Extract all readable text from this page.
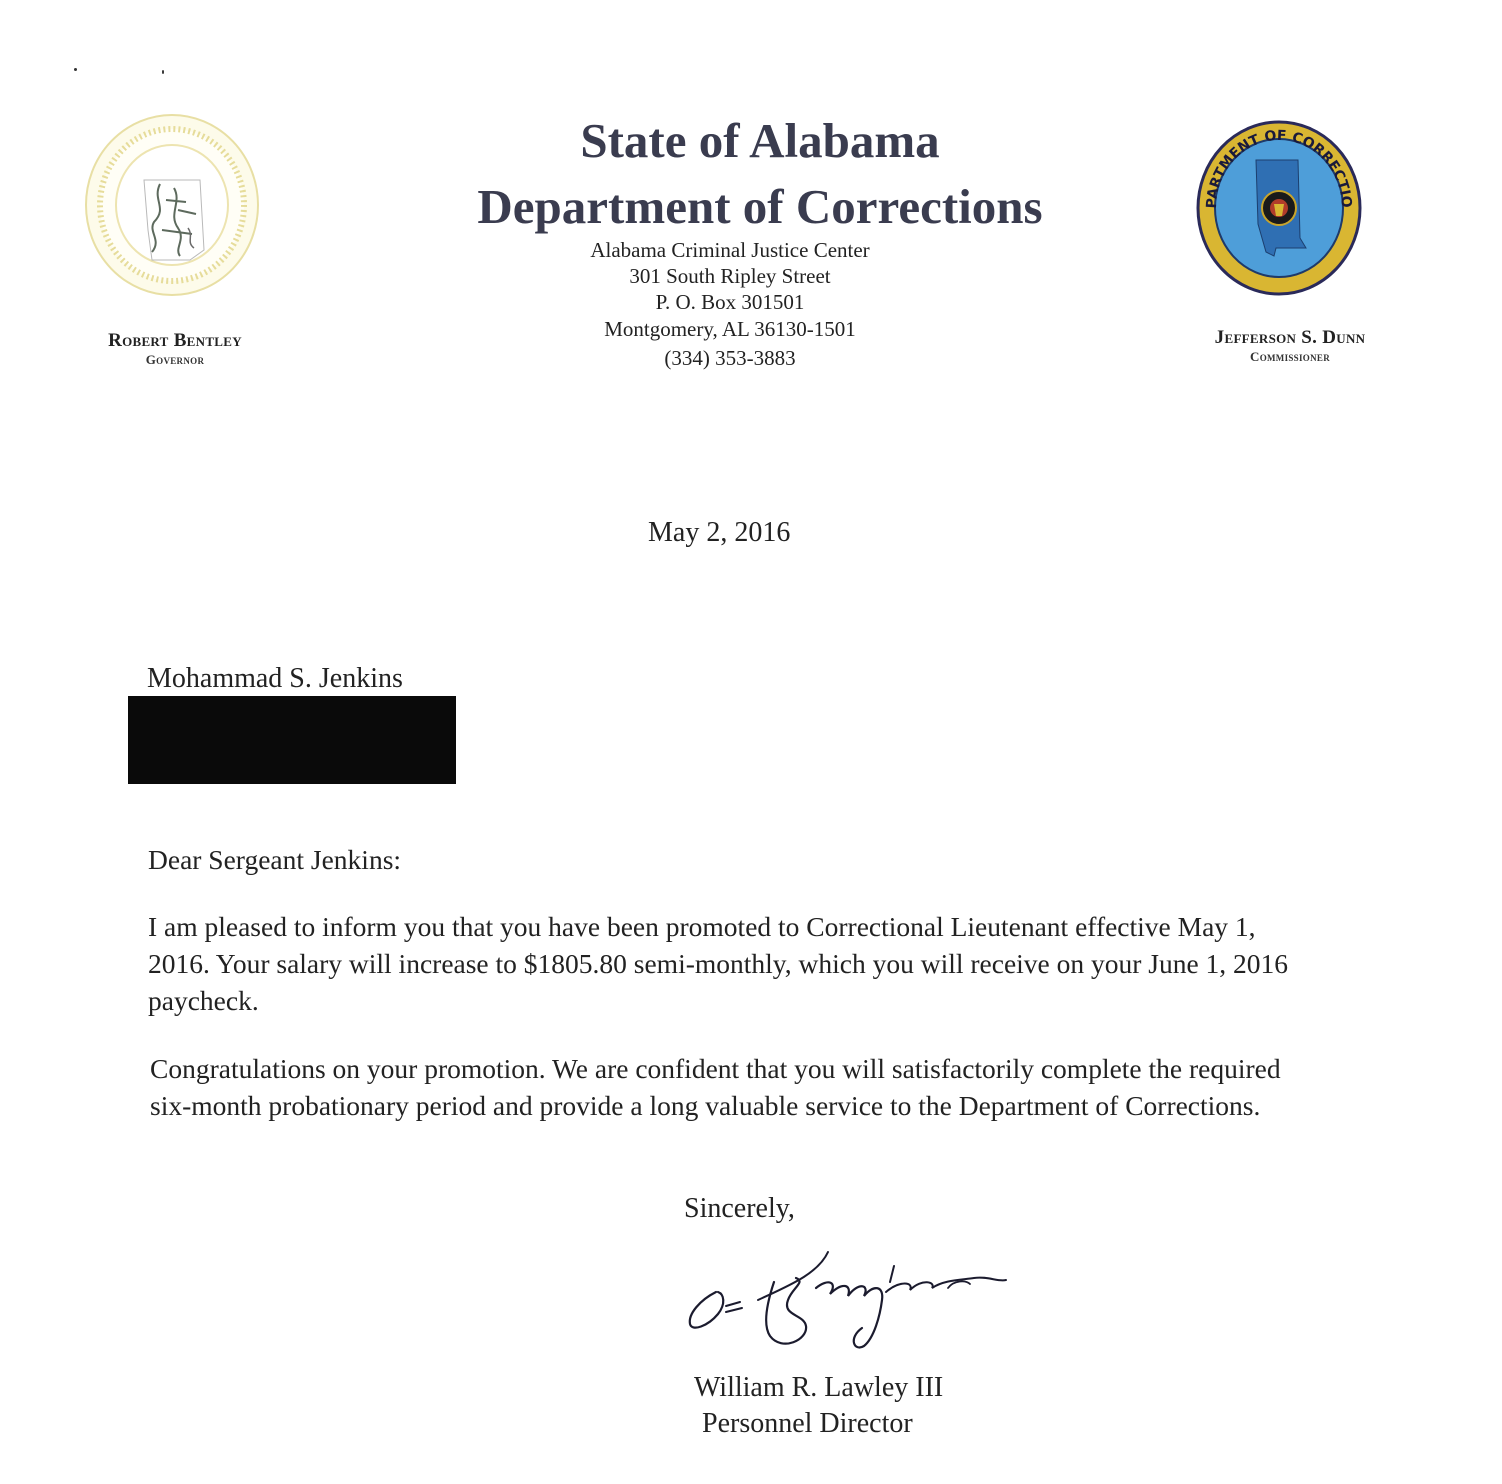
PARTMENT OF CORRECTIO
State of Alabama
Department of Corrections
Alabama Criminal Justice Center
301 South Ripley Street
P. O. Box 301501
Montgomery, AL 36130-1501
(334) 353-3883
Robert Bentley
Governor
Jefferson S. Dunn
Commissioner
May 2, 2016
Mohammad S. Jenkins
Dear Sergeant Jenkins:
I am pleased to inform you that you have been promoted to Correctional Lieutenant effective May 1, 2016. Your salary will increase to $1805.80 semi-monthly, which you will receive on your June 1, 2016 paycheck.
Congratulations on your promotion. We are confident that you will satisfactorily complete the required six-month probationary period and provide a long valuable service to the Department of Corrections.
Sincerely,
William R. Lawley III
Personnel Director
